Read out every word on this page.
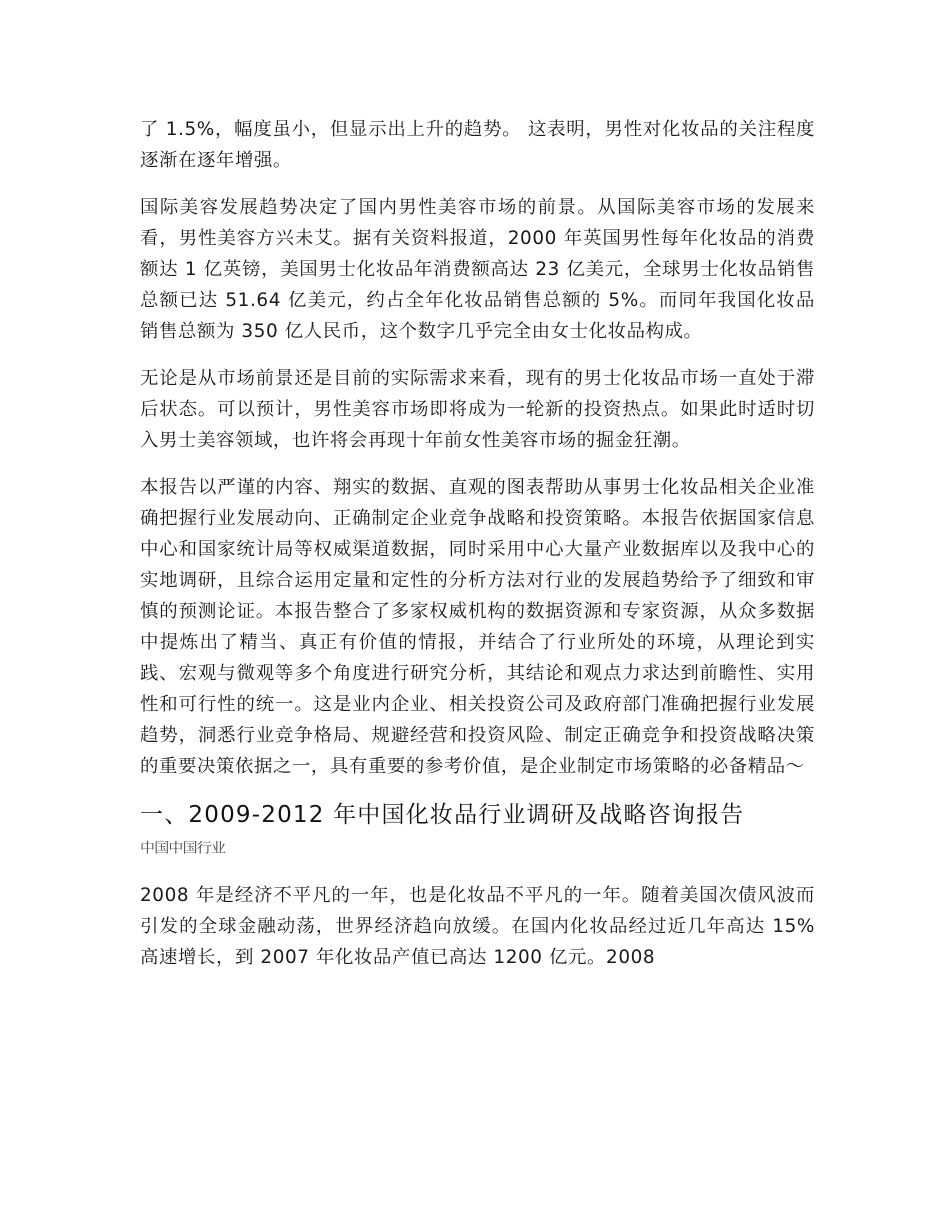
了 1.5%，幅度虽小，但显示出上升的趋势。 这表明，男性对化妆品的关注程度逐渐在逐年增强。

国际美容发展趋势决定了国内男性美容市场的前景。从国际美容市场的发展来看，男性美容方兴未艾。据有关资料报道，2000 年英国男性每年化妆品的消费额达 1 亿英镑，美国男士化妆品年消费额高达 23 亿美元，全球男士化妆品销售总额已达 51.64 亿美元，约占全年化妆品销售总额的 5%。而同年我国化妆品销售总额为 350 亿人民币，这个数字几乎完全由女士化妆品构成。

无论是从市场前景还是目前的实际需求来看，现有的男士化妆品市场一直处于滞后状态。可以预计，男性美容市场即将成为一轮新的投资热点。如果此时适时切入男士美容领域，也许将会再现十年前女性美容市场的掘金狂潮。

本报告以严谨的内容、翔实的数据、直观的图表帮助从事男士化妆品相关企业准确把握行业发展动向、正确制定企业竞争战略和投资策略。本报告依据国家信息中心和国家统计局等权威渠道数据，同时采用中心大量产业数据库以及我中心的实地调研，且综合运用定量和定性的分析方法对行业的发展趋势给予了细致和审慎的预测论证。本报告整合了多家权威机构的数据资源和专家资源，从众多数据中提炼出了精当、真正有价值的情报，并结合了行业所处的环境，从理论到实践、宏观与微观等多个角度进行研究分析，其结论和观点力求达到前瞻性、实用性和可行性的统一。这是业内企业、相关投资公司及政府部门准确把握行业发展趋势，洞悉行业竞争格局、规避经营和投资风险、制定正确竞争和投资战略决策的重要决策依据之一，具有重要的参考价值，是企业制定市场策略的必备精品～

一、2009-2012 年中国化妆品行业调研及战略咨询报告
中国中国行业

2008 年是经济不平凡的一年，也是化妆品不平凡的一年。随着美国次债风波而引发的全球金融动荡，世界经济趋向放缓。在国内化妆品经过近几年高达 15%高速增长，到 2007 年化妆品产值已高达 1200 亿元。2008
